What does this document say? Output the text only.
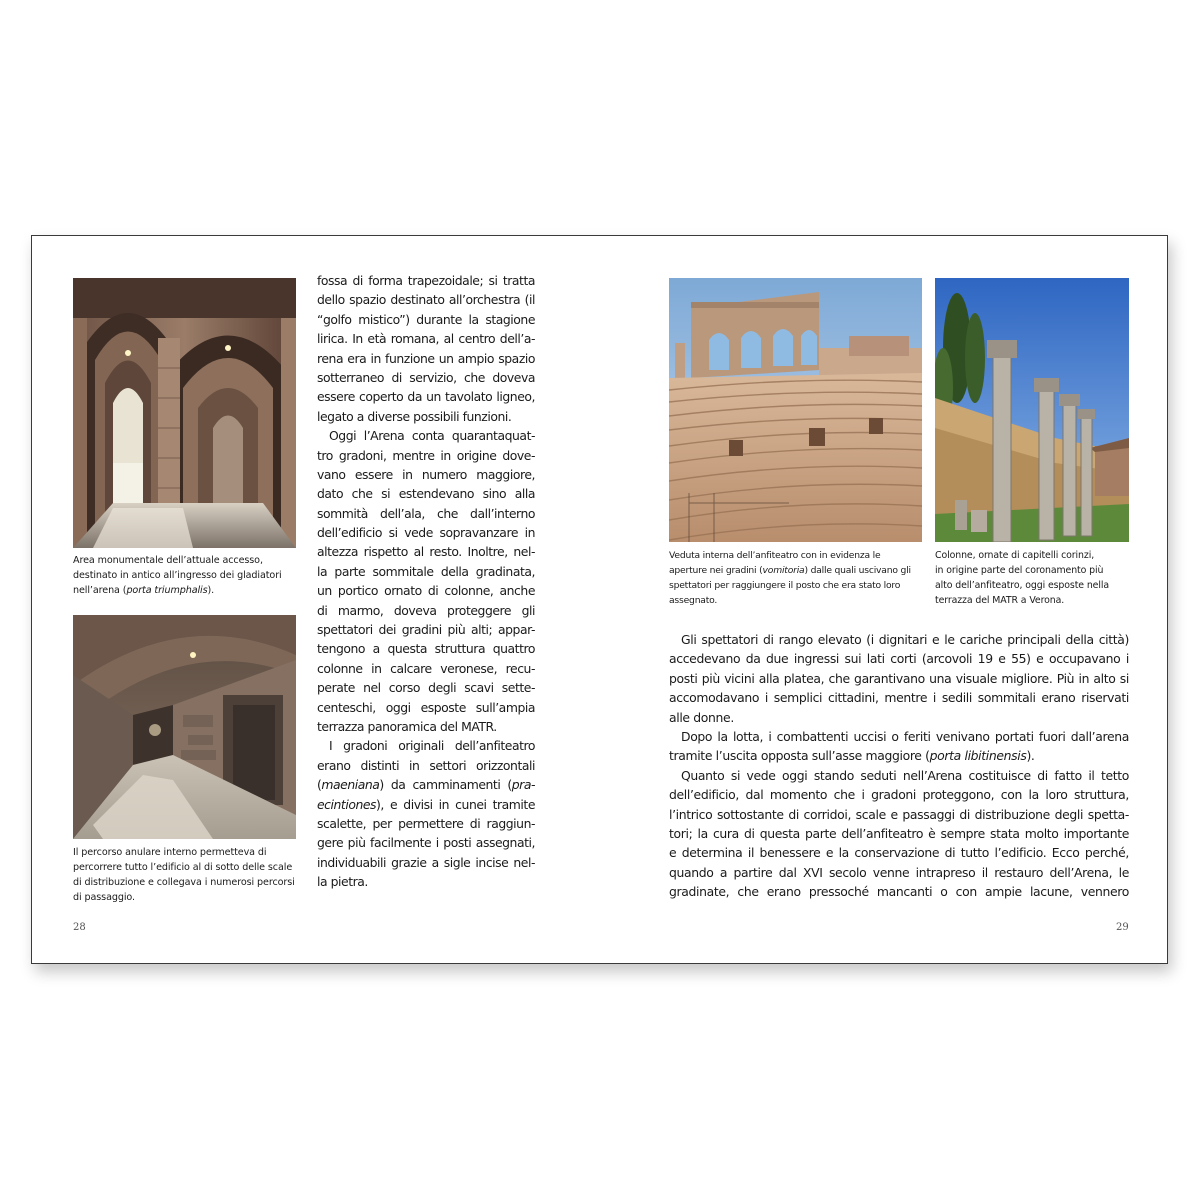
Area monumentale dell’attuale accesso,
destinato in antico all’ingresso dei gladiatori
nell’arena (porta triumphalis).
Il percorso anulare interno permetteva di
percorrere tutto l’edificio al di sotto delle scale
di distribuzione e collegava i numerosi percorsi
di passaggio.
fossa di forma trapezoidale; si tratta
dello spazio destinato all’orchestra (il
“golfo mistico”) durante la stagione
lirica. In età romana, al centro dell’a-
rena era in funzione un ampio spazio
sotterraneo di servizio, che doveva
essere coperto da un tavolato ligneo,
legato a diverse possibili funzioni.
Oggi l’Arena conta quarantaquat-
tro gradoni, mentre in origine dove-
vano essere in numero maggiore,
dato che si estendevano sino alla
sommità dell’ala, che dall’interno
dell’edificio si vede sopravanzare in
altezza rispetto al resto. Inoltre, nel-
la parte sommitale della gradinata,
un portico ornato di colonne, anche
di marmo, doveva proteggere gli
spettatori dei gradini più alti; appar-
tengono a questa struttura quattro
colonne in calcare veronese, recu-
perate nel corso degli scavi sette-
centeschi, oggi esposte sull’ampia
terrazza panoramica del MATR.
I gradoni originali dell’anfiteatro
erano distinti in settori orizzontali
(maeniana) da camminamenti (pra-
ecintiones), e divisi in cunei tramite
scalette, per permettere di raggiun-
gere più facilmente i posti assegnati,
individuabili grazie a sigle incise nel-
la pietra.
28
Veduta interna dell’anfiteatro con in evidenza le
aperture nei gradini (vomitoria) dalle quali uscivano gli
spettatori per raggiungere il posto che era stato loro
assegnato.
Colonne, ornate di capitelli corinzi,
in origine parte del coronamento più
alto dell’anfiteatro, oggi esposte nella
terrazza del MATR a Verona.
Gli spettatori di rango elevato (i dignitari e le cariche principali della città)
accedevano da due ingressi sui lati corti (arcovoli 19 e 55) e occupavano i
posti più vicini alla platea, che garantivano una visuale migliore. Più in alto si
accomodavano i semplici cittadini, mentre i sedili sommitali erano riservati
alle donne.
Dopo la lotta, i combattenti uccisi o feriti venivano portati fuori dall’arena
tramite l’uscita opposta sull’asse maggiore (porta libitinensis).
Quanto si vede oggi stando seduti nell’Arena costituisce di fatto il tetto
dell’edificio, dal momento che i gradoni proteggono, con la loro struttura,
l’intrico sottostante di corridoi, scale e passaggi di distribuzione degli spetta-
tori; la cura di questa parte dell’anfiteatro è sempre stata molto importante
e determina il benessere e la conservazione di tutto l’edificio. Ecco perché,
quando a partire dal XVI secolo venne intrapreso il restauro dell’Arena, le
gradinate, che erano pressoché mancanti o con ampie lacune, vennero
29
